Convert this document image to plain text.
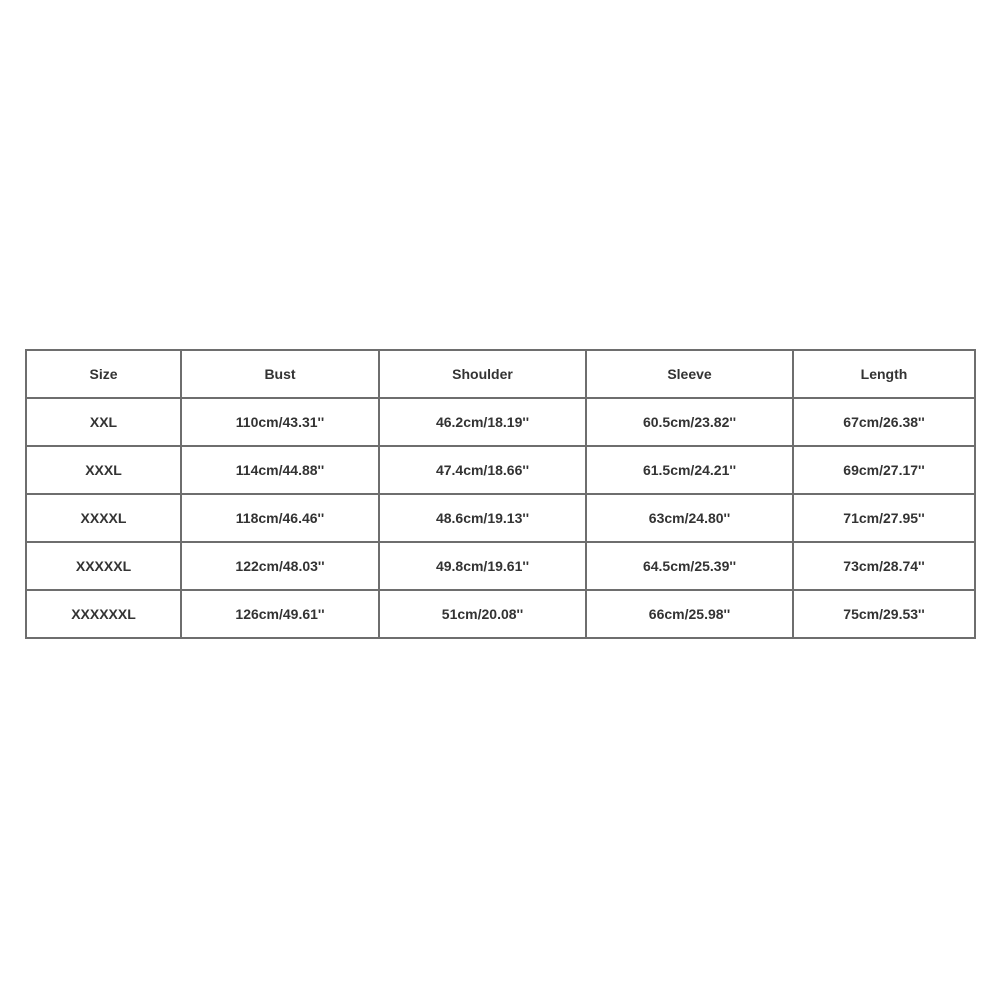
Size	Bust	Shoulder	Sleeve	Length
XXL	110cm/43.31''	46.2cm/18.19''	60.5cm/23.82''	67cm/26.38''
XXXL	114cm/44.88''	47.4cm/18.66''	61.5cm/24.21''	69cm/27.17''
XXXXL	118cm/46.46''	48.6cm/19.13''	63cm/24.80''	71cm/27.95''
XXXXXL	122cm/48.03''	49.8cm/19.61''	64.5cm/25.39''	73cm/28.74''
XXXXXXL	126cm/49.61''	51cm/20.08''	66cm/25.98''	75cm/29.53''
